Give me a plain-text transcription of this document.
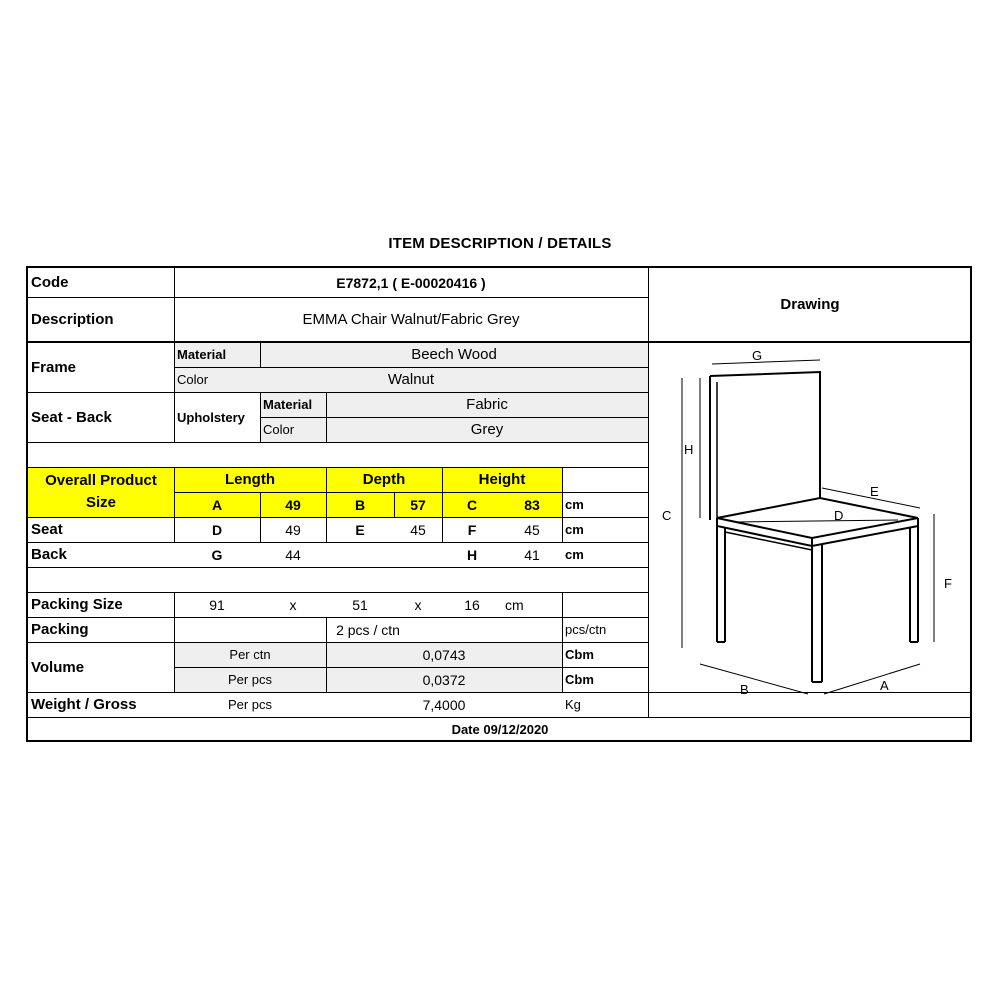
ITEM DESCRIPTION / DETAILS
Code	E7872,1 ( E-00020416 )
Description	EMMA Chair Walnut/Fabric Grey
Drawing
Frame
Material	Beech Wood
Color	Walnut
Seat - Back	Upholstery
Material	Fabric
Color	Grey
Overall Product
Size
Length	Depth	Height
A	49	B	57	C	83	cm
Seat	D	49	E	45	F	45	cm
Back	G	44	H	41	cm
Packing Size	91	x	51	x	16	cm
Packing	2 pcs / ctn	pcs/ctn
Volume
Per ctn	0,0743	Cbm
Per pcs	0,0372	Cbm
Weight / Gross	Per pcs	7,4000	Kg
Date 09/12/2020
G
H
C
E
D
F
B	A
